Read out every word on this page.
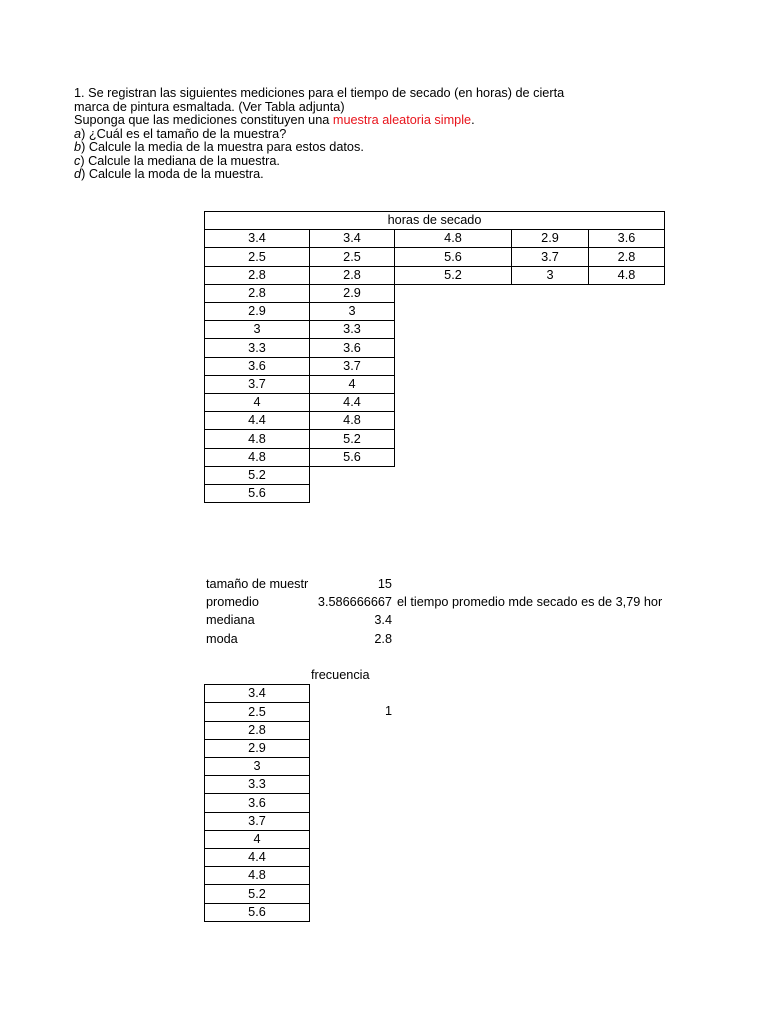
1. Se registran las siguientes mediciones para el tiempo de secado (en horas) de cierta
marca de pintura esmaltada. (Ver Tabla adjunta)
Suponga que las mediciones constituyen una muestra aleatoria simple.
a) ¿Cuál es el tamaño de la muestra?
b) Calcule la media de la muestra para estos datos.
c) Calcule la mediana de la muestra.
d) Calcule la moda de la muestra.
horas de secado
3.4	3.4	4.8	2.9	3.6
2.5	2.5	5.6	3.7	2.8
2.8	2.8	5.2	3	4.8
2.8	2.9
2.9	3
3	3.3
3.3	3.6
3.6	3.7
3.7	4
4	4.4
4.4	4.8
4.8	5.2
4.8	5.6
5.2
5.6
tamaño de muestr	15
promedio	3.586666667 el tiempo promedio mde secado es de 3,79 hor
mediana	3.4
moda	2.8
frecuencia
3.4
2.5	1
2.8
2.9
3
3.3
3.6
3.7
4
4.4
4.8
5.2
5.6
